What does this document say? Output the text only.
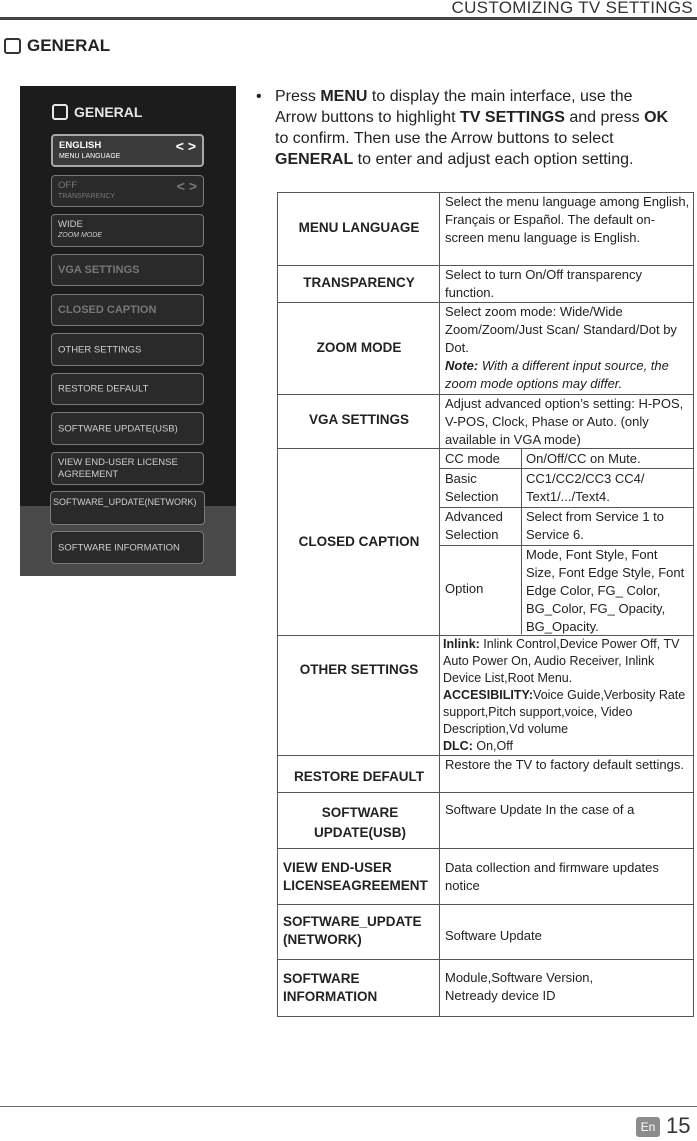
CUSTOMIZING TV SETTINGS
GENERAL
GENERAL
ENGLISH
MENU LANGUAGE
< >
OFF
TRANSPARENCY
< >
WIDE
ZOOM MODE
VGA SETTINGS
CLOSED CAPTION
OTHER SETTINGS
RESTORE DEFAULT
SOFTWARE UPDATE(USB)
VIEW END-USER LICENSE AGREEMENT
SOFTWARE_UPDATE(NETWORK)
SOFTWARE INFORMATION
• Press MENU to display the main interface, use the Arrow buttons to highlight TV SETTINGS and press OK to confirm. Then use the Arrow buttons to select GENERAL to enter and adjust each option setting.
MENU LANGUAGE
Select the menu language among English, Français or Español. The default on-screen menu language is English.
TRANSPARENCY
Select to turn On/Off transparency function.
ZOOM MODE
Select zoom mode: Wide/Wide Zoom/Zoom/Just Scan/ Standard/Dot by Dot.
Note: With a different input source, the zoom mode options may differ.
VGA SETTINGS
Adjust advanced option’s setting: H-POS, V-POS, Clock, Phase or Auto. (only available in VGA mode)
CLOSED CAPTION
CC mode On/Off/CC on Mute.
Basic Selection
CC1/CC2/CC3 CC4/ Text1/.../Text4.
Advanced Selection
Select from Service 1 to Service 6.
Option
Mode, Font Style, Font Size, Font Edge Style, Font Edge Color, FG_ Color, BG_Color, FG_ Opacity, BG_Opacity.
OTHER SETTINGS
Inlink: Inlink Control,Device Power Off, TV Auto Power On, Audio Receiver, Inlink Device List,Root Menu.
ACCESIBILITY:Voice Guide,Verbosity Rate support,Pitch support,voice, Video Description,Vd volume
DLC: On,Off
RESTORE DEFAULT
Restore the TV to factory default settings.
SOFTWARE UPDATE(USB)
Software Update In the case of a
VIEW END-USER LICENSEAGREEMENT
Data collection and firmware updates notice
SOFTWARE_UPDATE (NETWORK)	Software Update
SOFTWARE INFORMATION
Module,Software Version, Netready device ID
En 15
